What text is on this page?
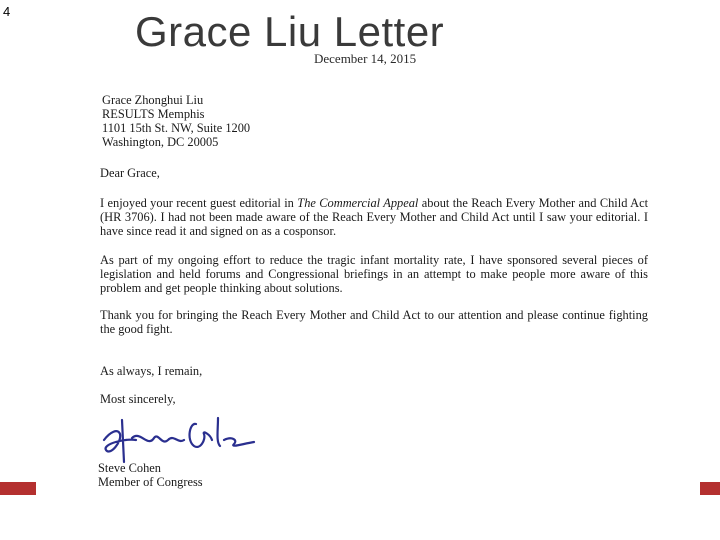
4	Grace Liu Letter
December 14, 2015
Grace Zhonghui Liu
RESULTS Memphis
1101 15th St. NW, Suite 1200
Washington, DC 20005
Dear Grace,
I enjoyed your recent guest editorial in The Commercial Appeal about the Reach Every Mother and Child Act (HR 3706). I had not been made aware of the Reach Every Mother and Child Act until I saw your editorial. I have since read it and signed on as a cosponsor.
As part of my ongoing effort to reduce the tragic infant mortality rate, I have sponsored several pieces of legislation and held forums and Congressional briefings in an attempt to make people more aware of this problem and get people thinking about solutions.
Thank you for bringing the Reach Every Mother and Child Act to our attention and please continue fighting the good fight.
As always, I remain,
Most sincerely,
Steve Cohen
Member of Congress
